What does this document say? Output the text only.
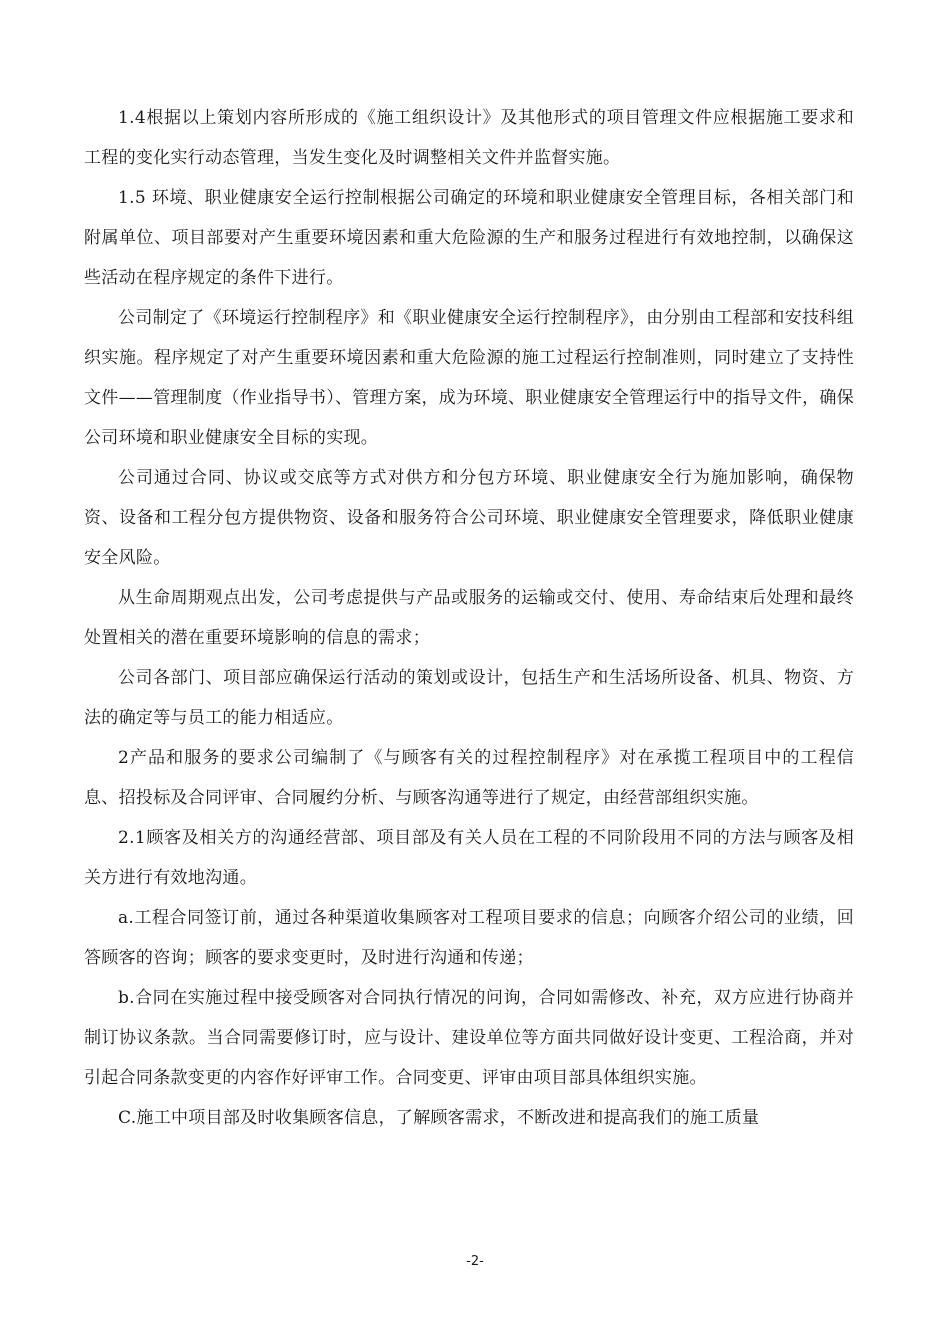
1.4根据以上策划内容所形成的《施工组织设计》及其他形式的项目管理文件应根据施工要求和工程的变化实行动态管理，当发生变化及时调整相关文件并监督实施。

1.5 环境、职业健康安全运行控制根据公司确定的环境和职业健康安全管理目标，各相关部门和附属单位、项目部要对产生重要环境因素和重大危险源的生产和服务过程进行有效地控制，以确保这些活动在程序规定的条件下进行。

公司制定了《环境运行控制程序》和《职业健康安全运行控制程序》，由分别由工程部和安技科组织实施。程序规定了对产生重要环境因素和重大危险源的施工过程运行控制准则，同时建立了支持性文件——管理制度（作业指导书）、管理方案，成为环境、职业健康安全管理运行中的指导文件，确保公司环境和职业健康安全目标的实现。

公司通过合同、协议或交底等方式对供方和分包方环境、职业健康安全行为施加影响，确保物资、设备和工程分包方提供物资、设备和服务符合公司环境、职业健康安全管理要求，降低职业健康安全风险。

从生命周期观点出发，公司考虑提供与产品或服务的运输或交付、使用、寿命结束后处理和最终处置相关的潜在重要环境影响的信息的需求；

公司各部门、项目部应确保运行活动的策划或设计，包括生产和生活场所设备、机具、物资、方法的确定等与员工的能力相适应。

2产品和服务的要求公司编制了《与顾客有关的过程控制程序》对在承揽工程项目中的工程信息、招投标及合同评审、合同履约分析、与顾客沟通等进行了规定，由经营部组织实施。

2.1顾客及相关方的沟通经营部、项目部及有关人员在工程的不同阶段用不同的方法与顾客及相关方进行有效地沟通。

a.工程合同签订前，通过各种渠道收集顾客对工程项目要求的信息；向顾客介绍公司的业绩，回答顾客的咨询；顾客的要求变更时，及时进行沟通和传递；

b.合同在实施过程中接受顾客对合同执行情况的问询，合同如需修改、补充，双方应进行协商并制订协议条款。当合同需要修订时，应与设计、建设单位等方面共同做好设计变更、工程洽商，并对引起合同条款变更的内容作好评审工作。合同变更、评审由项目部具体组织实施。

C.施工中项目部及时收集顾客信息，了解顾客需求，不断改进和提高我们的施工质量

-2-
